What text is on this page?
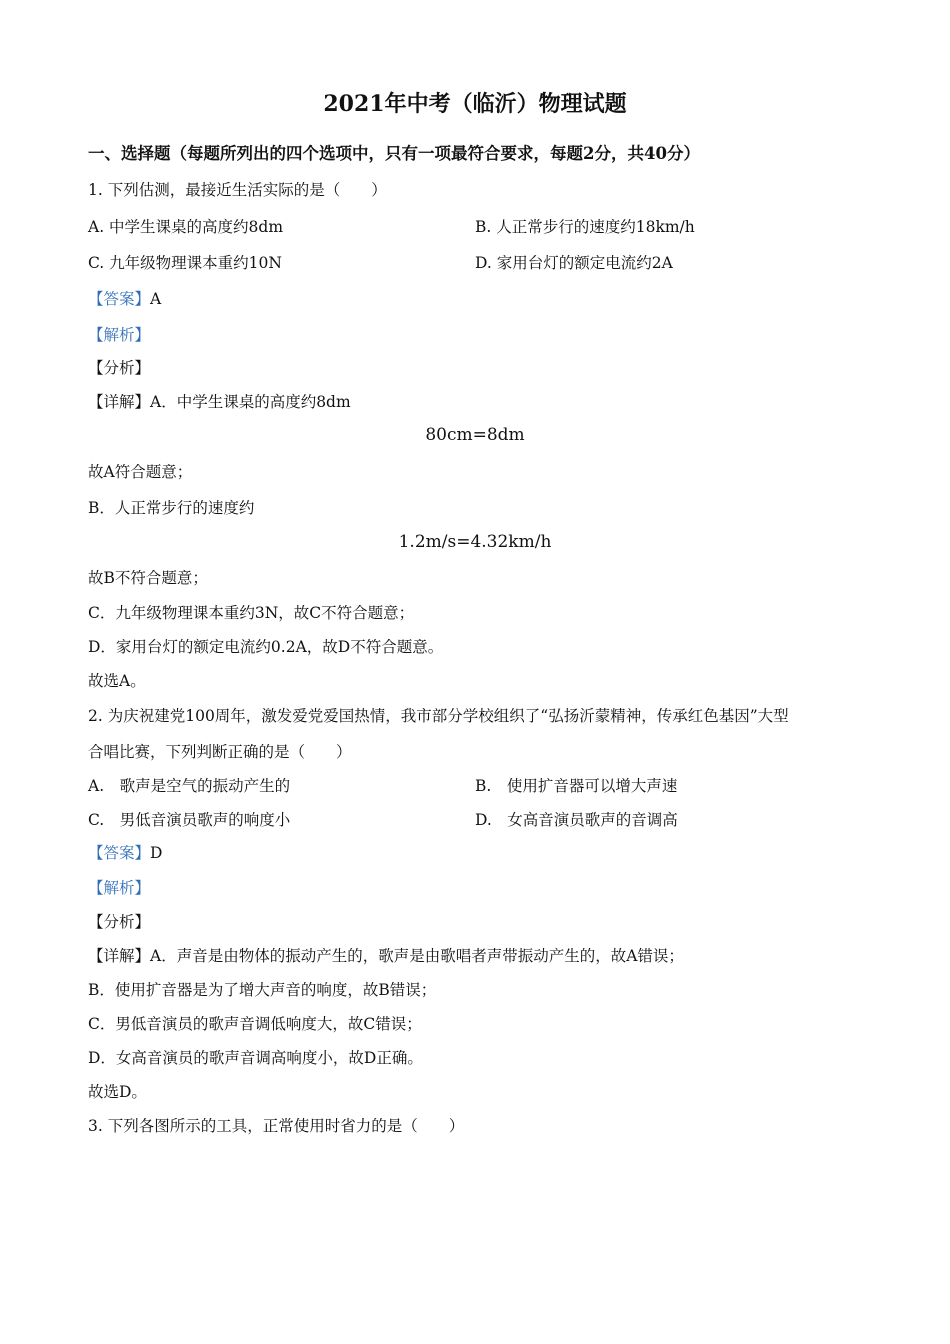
2021年中考（临沂）物理试题
一、选择题（每题所列出的四个选项中，只有一项最符合要求，每题2分，共40分）
1. 下列估测，最接近生活实际的是（　　）
A. 中学生课桌的高度约8dm	B. 人正常步行的速度约18km/h
C. 九年级物理课本重约10N	D. 家用台灯的额定电流约2A
【答案】A
【解析】
【分析】
【详解】A．中学生课桌的高度约8dm
80cm=8dm
故A符合题意；
B．人正常步行的速度约
1.2m/s=4.32km/h
故B不符合题意；
C．九年级物理课本重约3N，故C不符合题意；
D．家用台灯的额定电流约0.2A，故D不符合题意。
故选A。
2. 为庆祝建党100周年，激发爱党爱国热情，我市部分学校组织了“弘扬沂蒙精神，传承红色基因”大型
合唱比赛，下列判断正确的是（　　）
A.　歌声是空气的振动产生的	B.　使用扩音器可以增大声速
C.　男低音演员歌声的响度小	D.　女高音演员歌声的音调高
【答案】D
【解析】
【分析】
【详解】A．声音是由物体的振动产生的，歌声是由歌唱者声带振动产生的，故A错误；
B．使用扩音器是为了增大声音的响度，故B错误；
C．男低音演员的歌声音调低响度大，故C错误；
D．女高音演员的歌声音调高响度小，故D正确。
故选D。
3. 下列各图所示的工具，正常使用时省力的是（　　）
